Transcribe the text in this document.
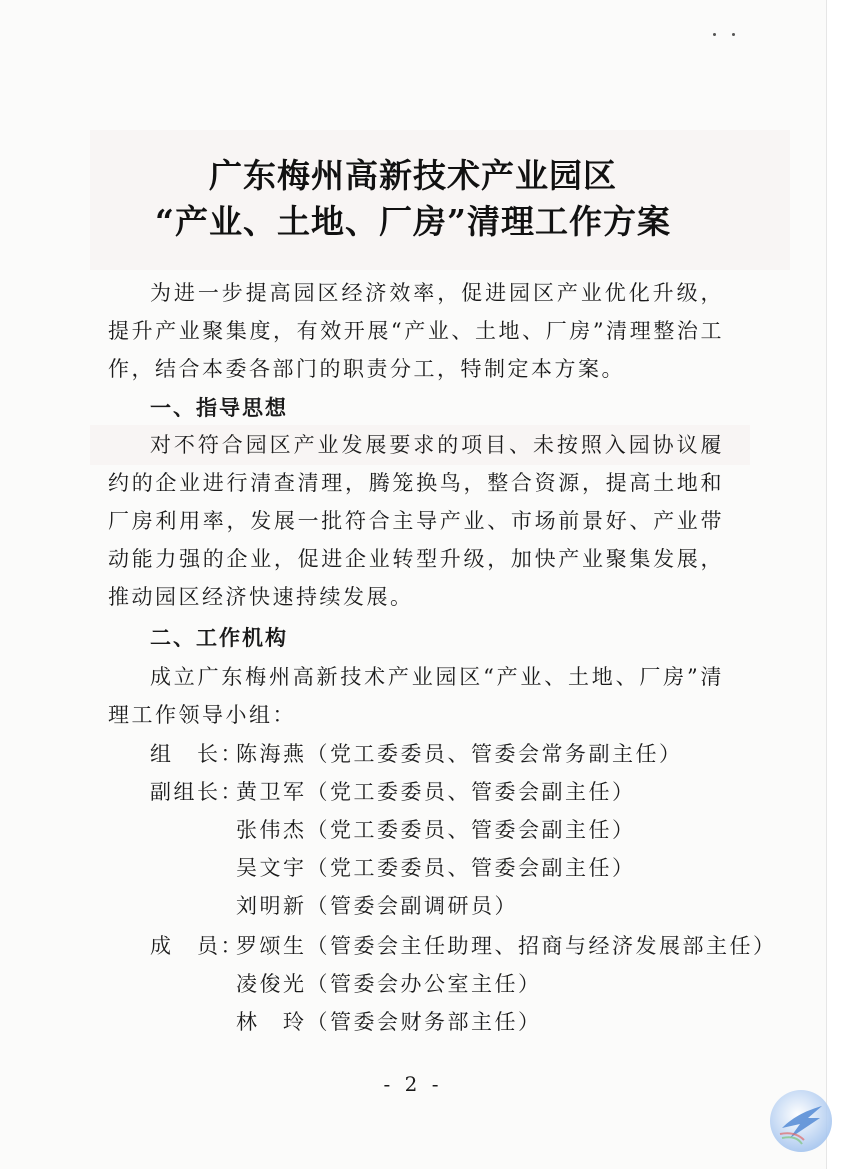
广东梅州高新技术产业园区
“产业、土地、厂房”清理工作方案
为进一步提高园区经济效率，促进园区产业优化升级，提升产业聚集度，有效开展“产业、土地、厂房”清理整治工作，结合本委各部门的职责分工，特制定本方案。
一、指导思想
对不符合园区产业发展要求的项目、未按照入园协议履约的企业进行清查清理，腾笼换鸟，整合资源，提高土地和厂房利用率，发展一批符合主导产业、市场前景好、产业带动能力强的企业，促进企业转型升级，加快产业聚集发展，推动园区经济快速持续发展。
二、工作机构
成立广东梅州高新技术产业园区“产业、土地、厂房”清理工作领导小组：
组　长：
陈海燕（党工委委员、管委会常务副主任）
副组长：
黄卫军（党工委委员、管委会副主任）
张伟杰（党工委委员、管委会副主任）
吴文宇（党工委委员、管委会副主任）
刘明新（管委会副调研员）
成　员：
罗颂生（管委会主任助理、招商与经济发展部主任）
凌俊光（管委会办公室主任）
林　玲（管委会财务部主任）
- 2 -
